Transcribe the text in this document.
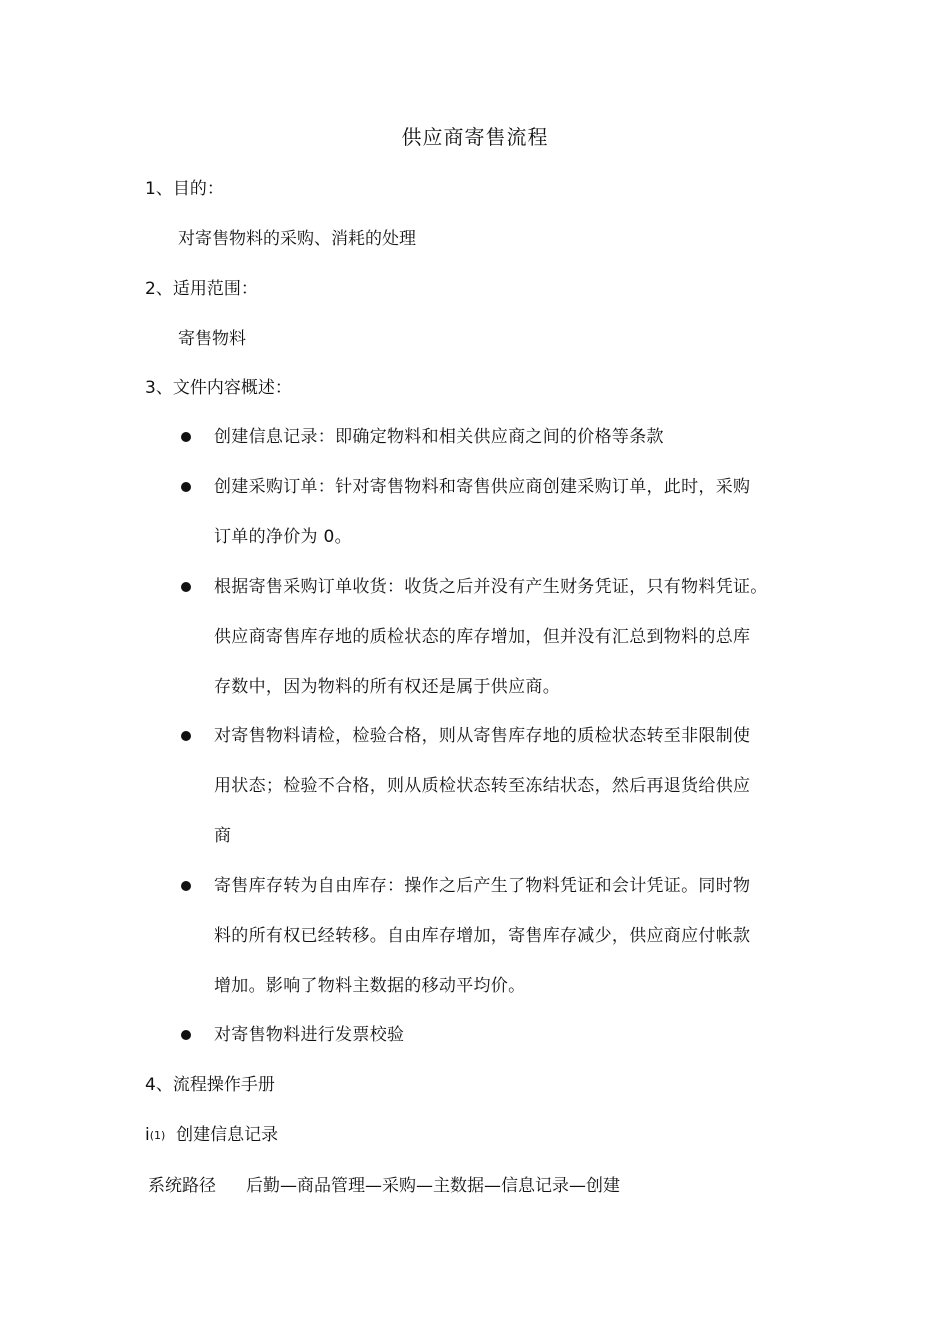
供应商寄售流程
1、目的：
对寄售物料的采购、消耗的处理
2、适用范围：
寄售物料
3、文件内容概述：
创建信息记录：即确定物料和相关供应商之间的价格等条款
创建采购订单：针对寄售物料和寄售供应商创建采购订单，此时，采购
订单的净价为 0。
根据寄售采购订单收货：收货之后并没有产生财务凭证，只有物料凭证。
供应商寄售库存地的质检状态的库存增加，但并没有汇总到物料的总库
存数中，因为物料的所有权还是属于供应商。
对寄售物料请检，检验合格，则从寄售库存地的质检状态转至非限制使
用状态；检验不合格，则从质检状态转至冻结状态，然后再退货给供应
商
寄售库存转为自由库存：操作之后产生了物料凭证和会计凭证。同时物
料的所有权已经转移。自由库存增加，寄售库存减少，供应商应付帐款
增加。影响了物料主数据的移动平均价。
对寄售物料进行发票校验
4、流程操作手册
i(1) 创建信息记录
系统路径 后勤—商品管理—采购—主数据—信息记录—创建
